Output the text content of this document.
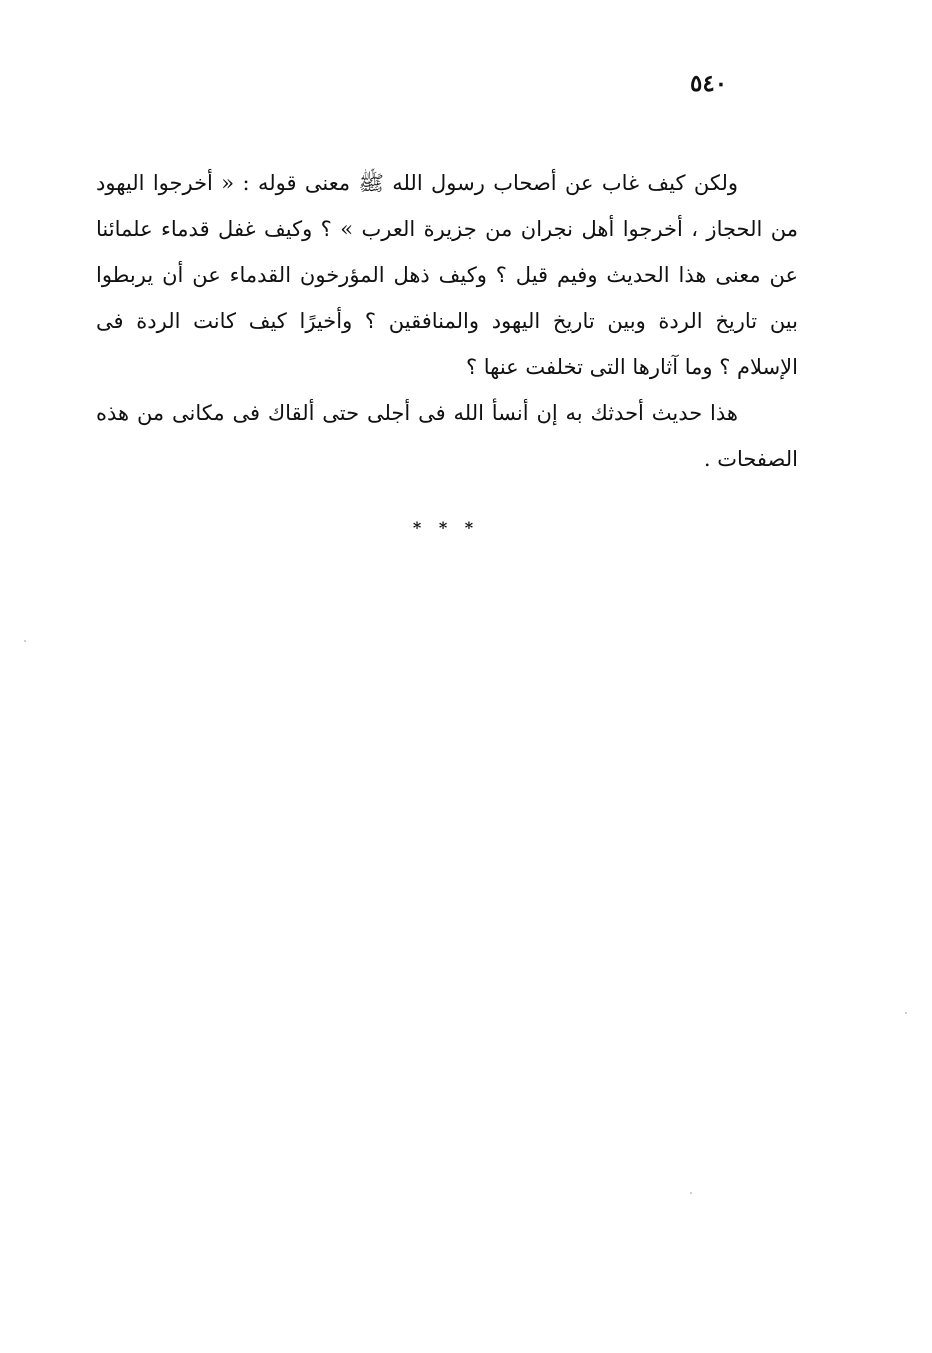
٥٤٠
ولكن كيف غاب عن أصحاب رسول الله ﷺ معنى قوله : « أخرجوا اليهود
من الحجاز ، أخرجوا أهل نجران من جزيرة العرب » ؟ وكيف غفل قدماء علمائنا
عن معنى هذا الحديث وفيم قيل ؟ وكيف ذهل المؤرخون القدماء عن أن يربطوا
بين تاريخ الردة وبين تاريخ اليهود والمنافقين ؟ وأخيرًا كيف كانت الردة فى
الإسلام ؟ وما آثارها التى تخلفت عنها ؟
هذا حديث أحدثك به إن أنسأ الله فى أجلى حتى ألقاك فى مكانى من هذه
الصفحات .
* * *
